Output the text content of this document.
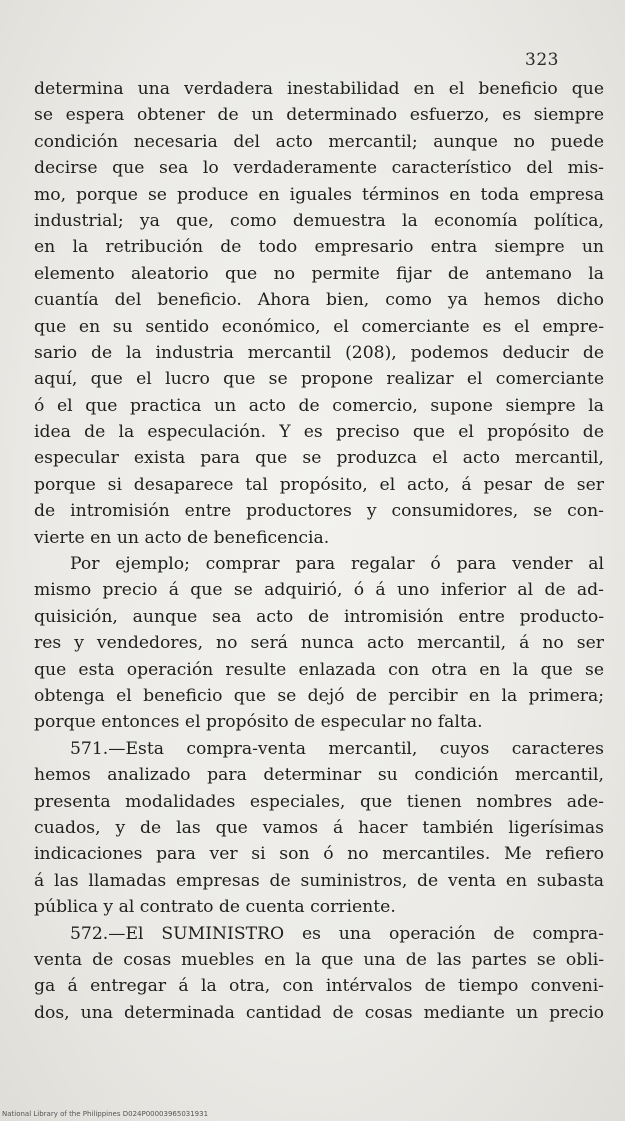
323
determina una verdadera inestabilidad en el beneficio que
se espera obtener de un determinado esfuerzo, es siempre
condición necesaria del acto mercantil; aunque no puede
decirse que sea lo verdaderamente característico del mis-
mo, porque se produce en iguales términos en toda empresa
industrial; ya que, como demuestra la economía política,
en la retribución de todo empresario entra siempre un
elemento aleatorio que no permite fijar de antemano la
cuantía del beneficio. Ahora bien, como ya hemos dicho
que en su sentido económico, el comerciante es el empre-
sario de la industria mercantil (208), podemos deducir de
aquí, que el lucro que se propone realizar el comerciante
ó el que practica un acto de comercio, supone siempre la
idea de la especulación. Y es preciso que el propósito de
especular exista para que se produzca el acto mercantil,
porque si desaparece tal propósito, el acto, á pesar de ser
de intromisión entre productores y consumidores, se con-
vierte en un acto de beneficencia.
Por ejemplo; comprar para regalar ó para vender al
mismo precio á que se adquirió, ó á uno inferior al de ad-
quisición, aunque sea acto de intromisión entre producto-
res y vendedores, no será nunca acto mercantil, á no ser
que esta operación resulte enlazada con otra en la que se
obtenga el beneficio que se dejó de percibir en la primera;
porque entonces el propósito de especular no falta.
571.—Esta compra-venta mercantil, cuyos caracteres
hemos analizado para determinar su condición mercantil,
presenta modalidades especiales, que tienen nombres ade-
cuados, y de las que vamos á hacer también ligerísimas
indicaciones para ver si son ó no mercantiles. Me refiero
á las llamadas empresas de suministros, de venta en subasta
pública y al contrato de cuenta corriente.
572.—El SUMINISTRO es una operación de compra-
venta de cosas muebles en la que una de las partes se obli-
ga á entregar á la otra, con intérvalos de tiempo conveni-
dos, una determinada cantidad de cosas mediante un precio
National Library of the Philippines D024P00003965031931
